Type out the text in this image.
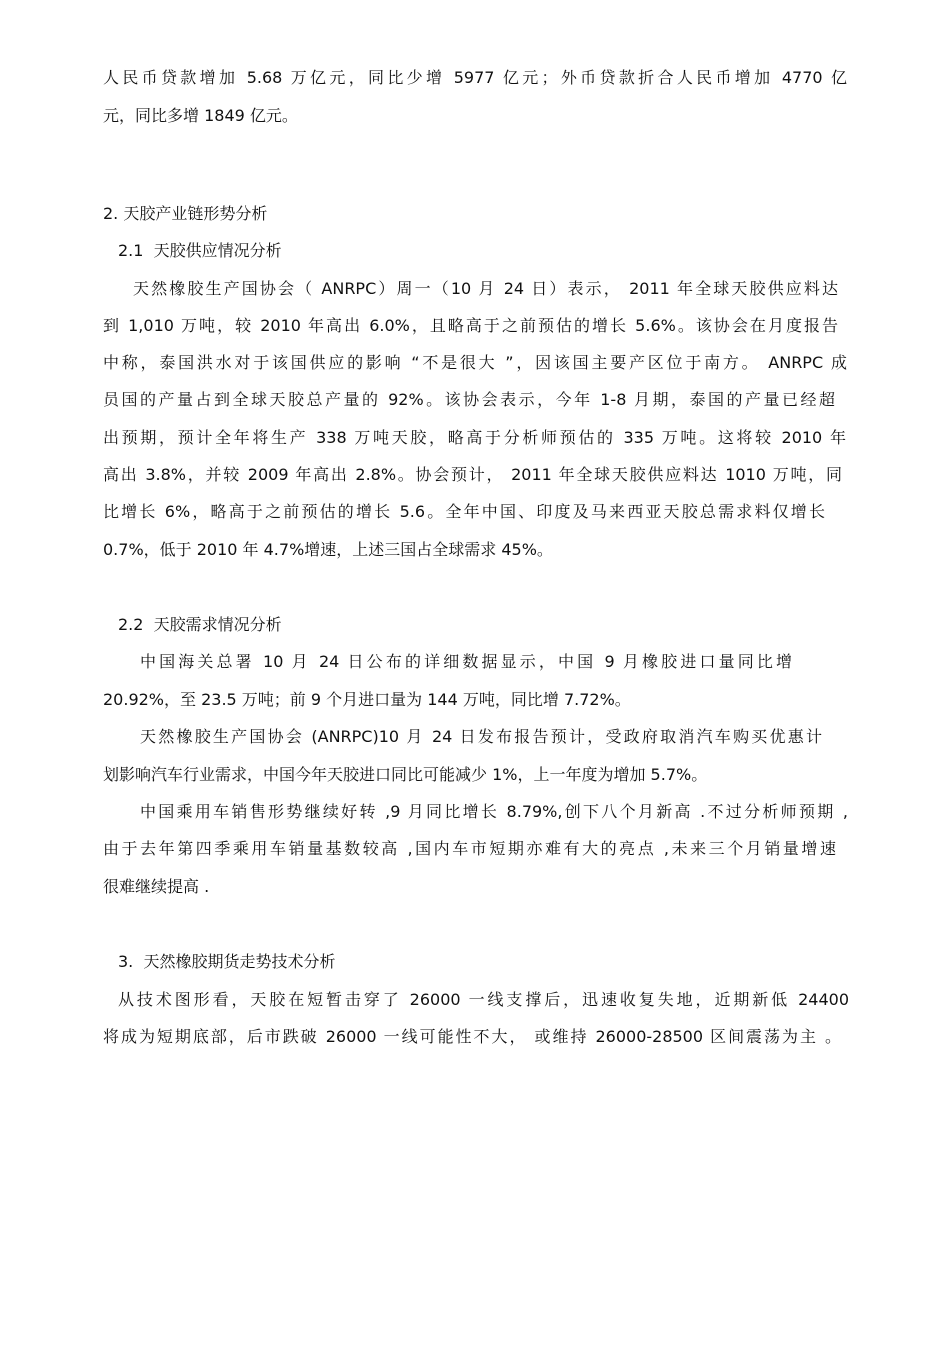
人民币贷款增加 5.68 万亿元，同比少增 5977 亿元；外币贷款折合人民币增加 4770 亿
元，同比多增 1849 亿元。
2. 天胶产业链形势分析
2.1  天胶供应情况分析
天然橡胶生产国协会（ ANRPC）周一（10 月 24 日）表示， 2011 年全球天胶供应料达
到 1,010 万吨，较 2010 年高出 6.0%，且略高于之前预估的增长 5.6%。该协会在月度报告
中称，泰国洪水对于该国供应的影响 “不是很大 ”，因该国主要产区位于南方。 ANRPC 成
员国的产量占到全球天胶总产量的 92%。该协会表示，今年 1-8 月期，泰国的产量已经超
出预期，预计全年将生产 338 万吨天胶，略高于分析师预估的 335 万吨。这将较 2010 年
高出 3.8%，并较 2009 年高出 2.8%。协会预计， 2011 年全球天胶供应料达 1010 万吨，同
比增长 6%，略高于之前预估的增长 5.6。全年中国、印度及马来西亚天胶总需求料仅增长
0.7%，低于 2010 年 4.7%增速，上述三国占全球需求 45%。
2.2  天胶需求情况分析
中国海关总署 10 月 24 日公布的详细数据显示，中国 9 月橡胶进口量同比增
20.92%，至 23.5 万吨；前 9 个月进口量为 144 万吨，同比增 7.72%。
天然橡胶生产国协会 (ANRPC)10 月 24 日发布报告预计，受政府取消汽车购买优惠计
划影响汽车行业需求，中国今年天胶进口同比可能减少 1%，上一年度为增加 5.7%。
中国乘用车销售形势继续好转 ,9 月同比增长 8.79%,创下八个月新高 .不过分析师预期 ,
由于去年第四季乘用车销量基数较高 ,国内车市短期亦难有大的亮点 ,未来三个月销量增速
很难继续提高 .
3.  天然橡胶期货走势技术分析
从技术图形看，天胶在短暂击穿了 26000 一线支撑后，迅速收复失地，近期新低 24400
将成为短期底部，后市跌破 26000 一线可能性不大， 或维持 26000-28500 区间震荡为主 。
